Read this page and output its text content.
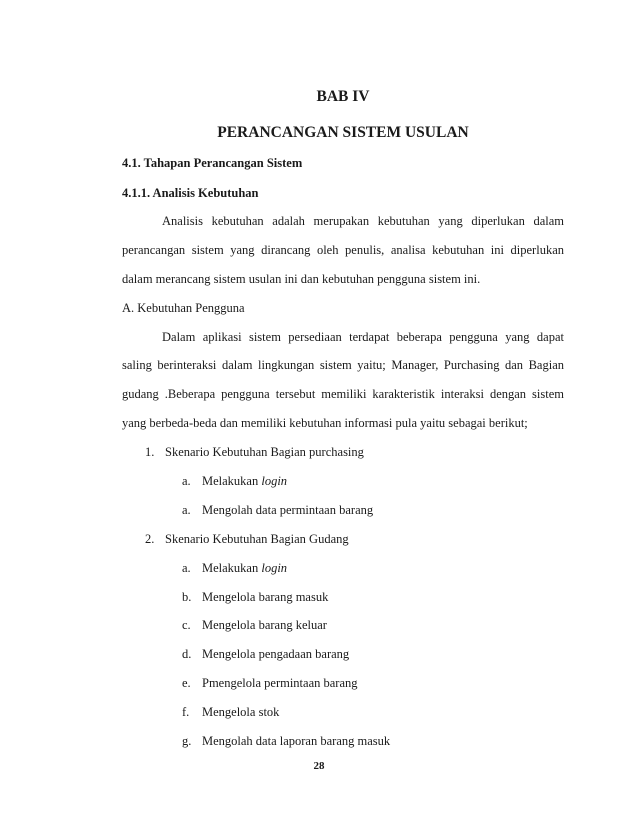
BAB IV
PERANCANGAN SISTEM USULAN
4.1. Tahapan Perancangan Sistem
4.1.1. Analisis Kebutuhan
Analisis kebutuhan adalah merupakan kebutuhan yang diperlukan dalam
perancangan sistem yang dirancang oleh penulis, analisa kebutuhan ini diperlukan
dalam merancang sistem usulan ini dan kebutuhan pengguna sistem ini.
A. Kebutuhan Pengguna
Dalam aplikasi sistem persediaan terdapat beberapa pengguna yang dapat
saling berinteraksi dalam lingkungan sistem yaitu; Manager, Purchasing dan Bagian
gudang .Beberapa pengguna tersebut memiliki karakteristik interaksi dengan sistem
yang berbeda-beda dan memiliki kebutuhan informasi pula yaitu sebagai berikut;
1. Skenario Kebutuhan Bagian purchasing
a. Melakukan login
a. Mengolah data permintaan barang
2. Skenario Kebutuhan Bagian Gudang
a. Melakukan login
b. Mengelola barang masuk
c. Mengelola barang keluar
d. Mengelola pengadaan barang
e. Pmengelola permintaan barang
f. Mengelola stok
g. Mengolah data laporan barang masuk
28
